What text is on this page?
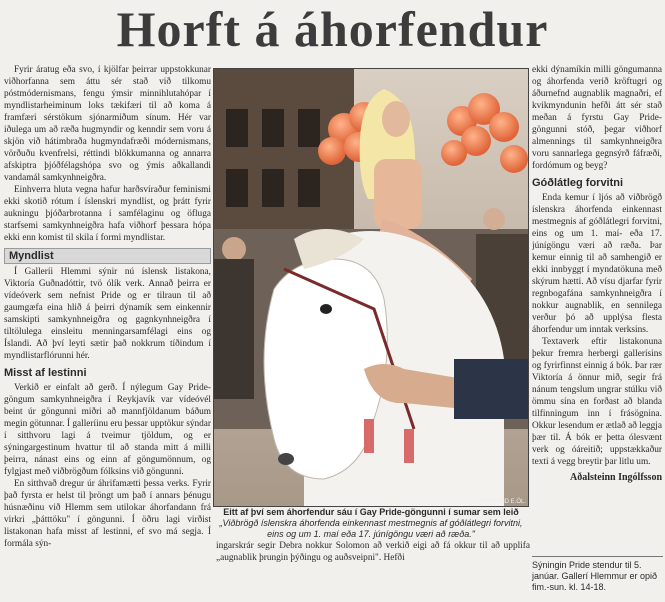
Horft á áhorfendur

Fyrir áratug eða svo, í kjölfar þeirrar uppstokkunar viðhorfanna sem áttu sér stað við tilkomu póstmódernismans, fengu ýmsir minnihlutahópar í myndlistarheiminum loks tækifæri til að koma á framfæri sérstökum sjónarmiðum sínum. Hér var iðulega um að ræða hugmyndir og kenndir sem voru á skjön við hátimbraða hugmyndafræði módernismans, vörðuðu kvenfrelsi, réttindi blökkumanna og annarra afskiptra þjóðfélagshópa svo og ýmis aðkallandi vandamál samkynhneigðra.

Einhverra hluta vegna hafur harðsvíraður feminismi ekki skotið rótum í íslenskri myndlist, og þrátt fyrir aukningu þjóðarbrotanna í samfélaginu og öfluga starfsemi samkynhneigðra hafa viðhorf þessara hópa ekki enn komist til skila í formi myndlistar.

Myndlist

Í Galleríi Hlemmi sýnir nú íslensk listakona, Viktoría Guðnadóttir, tvö ólík verk. Annað þeirra er vídeóverk sem nefnist Pride og er tilraun til að gaumgæfa eina hlið á þeirri dýnamík sem einkennir samskipti samkynhneigðra og gagnkynhneigðra í tiltölulega einsleitu menningarsamfélagi eins og Íslandi. Að því leyti sætir það nokkrum tíðindum í myndlistarflórunni hér.

Misst af lestinni

Verkið er einfalt að gerð. Í nýlegum Gay Pride-göngum samkynhneigðra í Reykjavík var vídeóvél beint úr göngunni miðri að mannfjöldanum báðum megin götunnar. Í galleríinu eru þessar upptökur sýndar í sitthvoru lagi á tveimur tjöldum, og er sýningargestinum hvattur til að standa mitt á milli þeirra, nánast eins og einn af göngumönnum, og fylgjast með viðbrögðum fólksins við göngunni.

En sitthvað dregur úr áhrifamætti þessa verks. Fyrir það fyrsta er helst til þröngt um það í annars þénugu húsnæðinu við Hlemm sem utilokar áhorfandann frá virkri „þátttöku" í göngunni. Í öðru lagi virðist listakonan hafa misst af lestinni, ef svo má segja. Í formála sýn-

DV-MYND E.ÓL.
Eitt af því sem áhorfendur sáu í Gay Pride-göngunni í sumar sem leið
„Viðbrögð íslenskra áhorfenda einkennast mestmegnis af góðlátlegri forvitni, eins og um 1. maí eða 17. júnígöngu væri að ræða."

ingarskrár segir Debra nokkur Solomon að verkið eigi að fá okkur til að upplifa „augnablik þrungin þýðingu og auðsveipni". Hefði

ekki dýnamíkin milli göngumanna og áhorfenda verið kröftugri og áðurnefnd augnablik magnaðri, ef kvikmyndunin hefði átt sér stað meðan á fyrstu Gay Pride-göngunni stóð, þegar viðhorf almennings til samkynhneigðra voru sannarlega gegnsýrð fáfræði, fordómum og beyg?

Góðlátleg forvitni

Enda kemur í ljós að viðbrögð íslenskra áhorfenda einkennast mestmegnis af góðlátlegri forvitni, eins og um 1. maí- eða 17. júnígöngu væri að ræða. Þar kemur einnig til að samhengið er ekki innbyggt í myndatökuna með skýrum hætti. Að vísu djarfar fyrir regnbogafána samkynhneigðra í nokkur augnablik, en sennilega verður þó að upplýsa flesta áhorfendur um inntak verksins.

Textaverk eftir listakonuna þekur fremra herbergi gallerísins og fyrirfinnst einnig á bók. Þar rær Viktoría á önnur mið, segir frá nánum tengslum ungrar stúlku við ömmu sína en forðast að blanda tilfinningum inn í frásögnina. Okkur lesendum er ætlað að leggja þær til. Á bók er þetta ólesvænt verk og óáreitið; uppstækkaður texti á vegg breytir þar litlu um.

Aðalsteinn Ingólfsson
Sýningin Pride stendur til 5. janúar. Gallerí Hlemmur er opið fim.-sun. kl. 14-18.
